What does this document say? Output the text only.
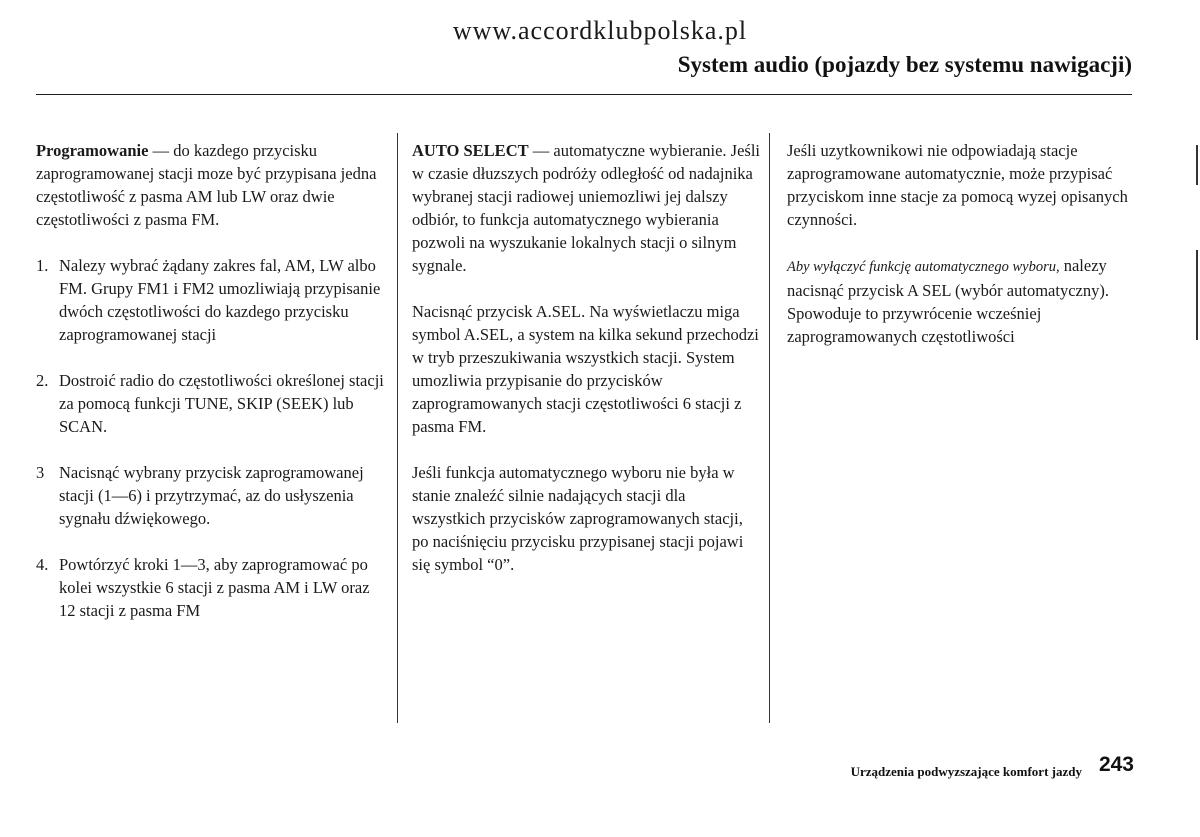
www.accordklubpolska.pl
System audio (pojazdy bez systemu nawigacji)

Programowanie — do kazdego przycisku zaprogramowanej stacji moze być przypisana jedna częstotliwość z pasma AM lub LW oraz dwie częstotliwości z pasma FM.

1. Nalezy wybrać żądany zakres fal, AM, LW albo FM. Grupy FM1 i FM2 umozliwiają przypisanie dwóch częstotliwości do kazdego przycisku zaprogramowanej stacji
2. Dostroić radio do częstotliwości określonej stacji za pomocą funkcji TUNE, SKIP (SEEK) lub SCAN.
3 Nacisnąć wybrany przycisk zaprogramowanej stacji (1—6) i przytrzymać, az do usłyszenia sygnału dźwiękowego.
4. Powtórzyć kroki 1—3, aby zaprogramować po kolei wszystkie 6 stacji z pasma AM i LW oraz 12 stacji z pasma FM

AUTO SELECT — automatyczne wybieranie. Jeśli w czasie dłuzszych podróży odległość od nadajnika wybranej stacji radiowej uniemozliwi jej dalszy odbiór, to funkcja automatycznego wybierania pozwoli na wyszukanie lokalnych stacji o silnym sygnale.

Nacisnąć przycisk A.SEL. Na wyświetlaczu miga symbol A.SEL, a system na kilka sekund przechodzi w tryb przeszukiwania wszystkich stacji. System umozliwia przypisanie do przycisków zaprogramowanych stacji częstotliwości 6 stacji z pasma FM.

Jeśli funkcja automatycznego wyboru nie była w stanie znaleźć silnie nadających stacji dla wszystkich przycisków zaprogramowanych stacji, po naciśnięciu przycisku przypisanej stacji pojawi się symbol “0”.

Jeśli uzytkownikowi nie odpowiadają stacje zaprogramowane automatycznie, może przypisać przyciskom inne stacje za pomocą wyzej opisanych czynności.

Aby wyłączyć funkcję automatycznego wyboru, nalezy nacisnąć przycisk A SEL (wybór automatyczny). Spowoduje to przywrócenie wcześniej zaprogramowanych częstotliwości

Urządzenia podwyzszające komfort jazdy 243
